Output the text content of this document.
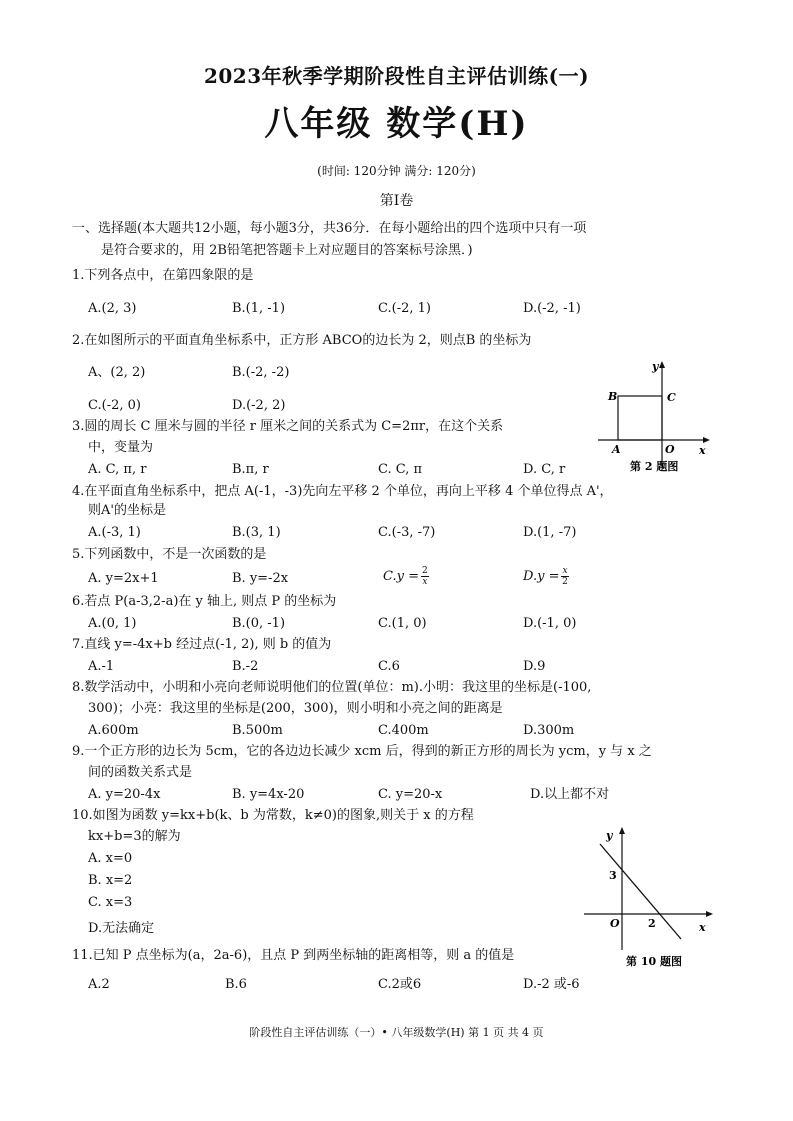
2023年秋季学期阶段性自主评估训练(一)
八年级 数学(H)
(时间: 120分钟 满分: 120分)
第Ⅰ卷
一、选择题(本大题共12小题，每小题3分，共36分．在每小题给出的四个选项中只有一项
是符合要求的，用 2B铅笔把答题卡上对应题目的答案标号涂黑．)
1.下列各点中，在第四象限的是
A.(2, 3)	B.(1, -1)	C.(-2, 1)	D.(-2, -1)
2.在如图所示的平面直角坐标系中，正方形 ABCO的边长为 2，则点B 的坐标为
A、(2, 2)	B.(-2, -2)
C.(-2, 0)	D.(-2, 2)
B	C
A	O x
y
第 2 题图
3.圆的周长 C 厘米与圆的半径 r 厘米之间的关系式为 C=2πr，在这个关系
中，变量为
A. C, π, r	B.π, r	C. C, π	D. C, r
4.在平面直角坐标系中，把点 A(-1，-3)先向左平移 2 个单位，再向上平移 4 个单位得点 A'，
则A'的坐标是
A.(-3, 1)	B.(3, 1)	C.(-3, -7)	D.(1, -7)
5.下列函数中，不是一次函数的是
A. y=2x+1	B. y=-2x	$C.y = \frac{2}{x}$	$D.y = \frac{x}{2}$
6.若点 P(a-3,2-a)在 y 轴上, 则点 P 的坐标为
A.(0, 1)	B.(0, -1)	C.(1, 0)	D.(-1, 0)
7.直线 y=-4x+b 经过点(-1, 2), 则 b 的值为
A.-1	B.-2	C.6	D.9
8.数学活动中，小明和小亮向老师说明他们的位置(单位：m).小明：我这里的坐标是(-100,
300)；小亮：我这里的坐标是(200，300)，则小明和小亮之间的距离是
A.600m	B.500m	C.400m	D.300m
9.一个正方形的边长为 5cm，它的各边边长减少 xcm 后，得到的新正方形的周长为 ycm，y 与 x 之
间的函数关系式是
A. y=20-4x	B. y=4x-20	C. y=20-x	D.以上都不对
10.如图为函数 y=kx+b(k、b 为常数，k≠0)的图象,则关于 x 的方程
kx+b=3的解为
A. x=0
B. x=2
C. x=3
D.无法确定
3
O	2	x
y
第 10 题图
11.已知 P 点坐标为(a，2a-6)，且点 P 到两坐标轴的距离相等，则 a 的值是
A.2	B.6	C.2或6	D.-2 或-6
阶段性自主评估训练（一）• 八年级数学(H) 第 1 页 共 4 页
